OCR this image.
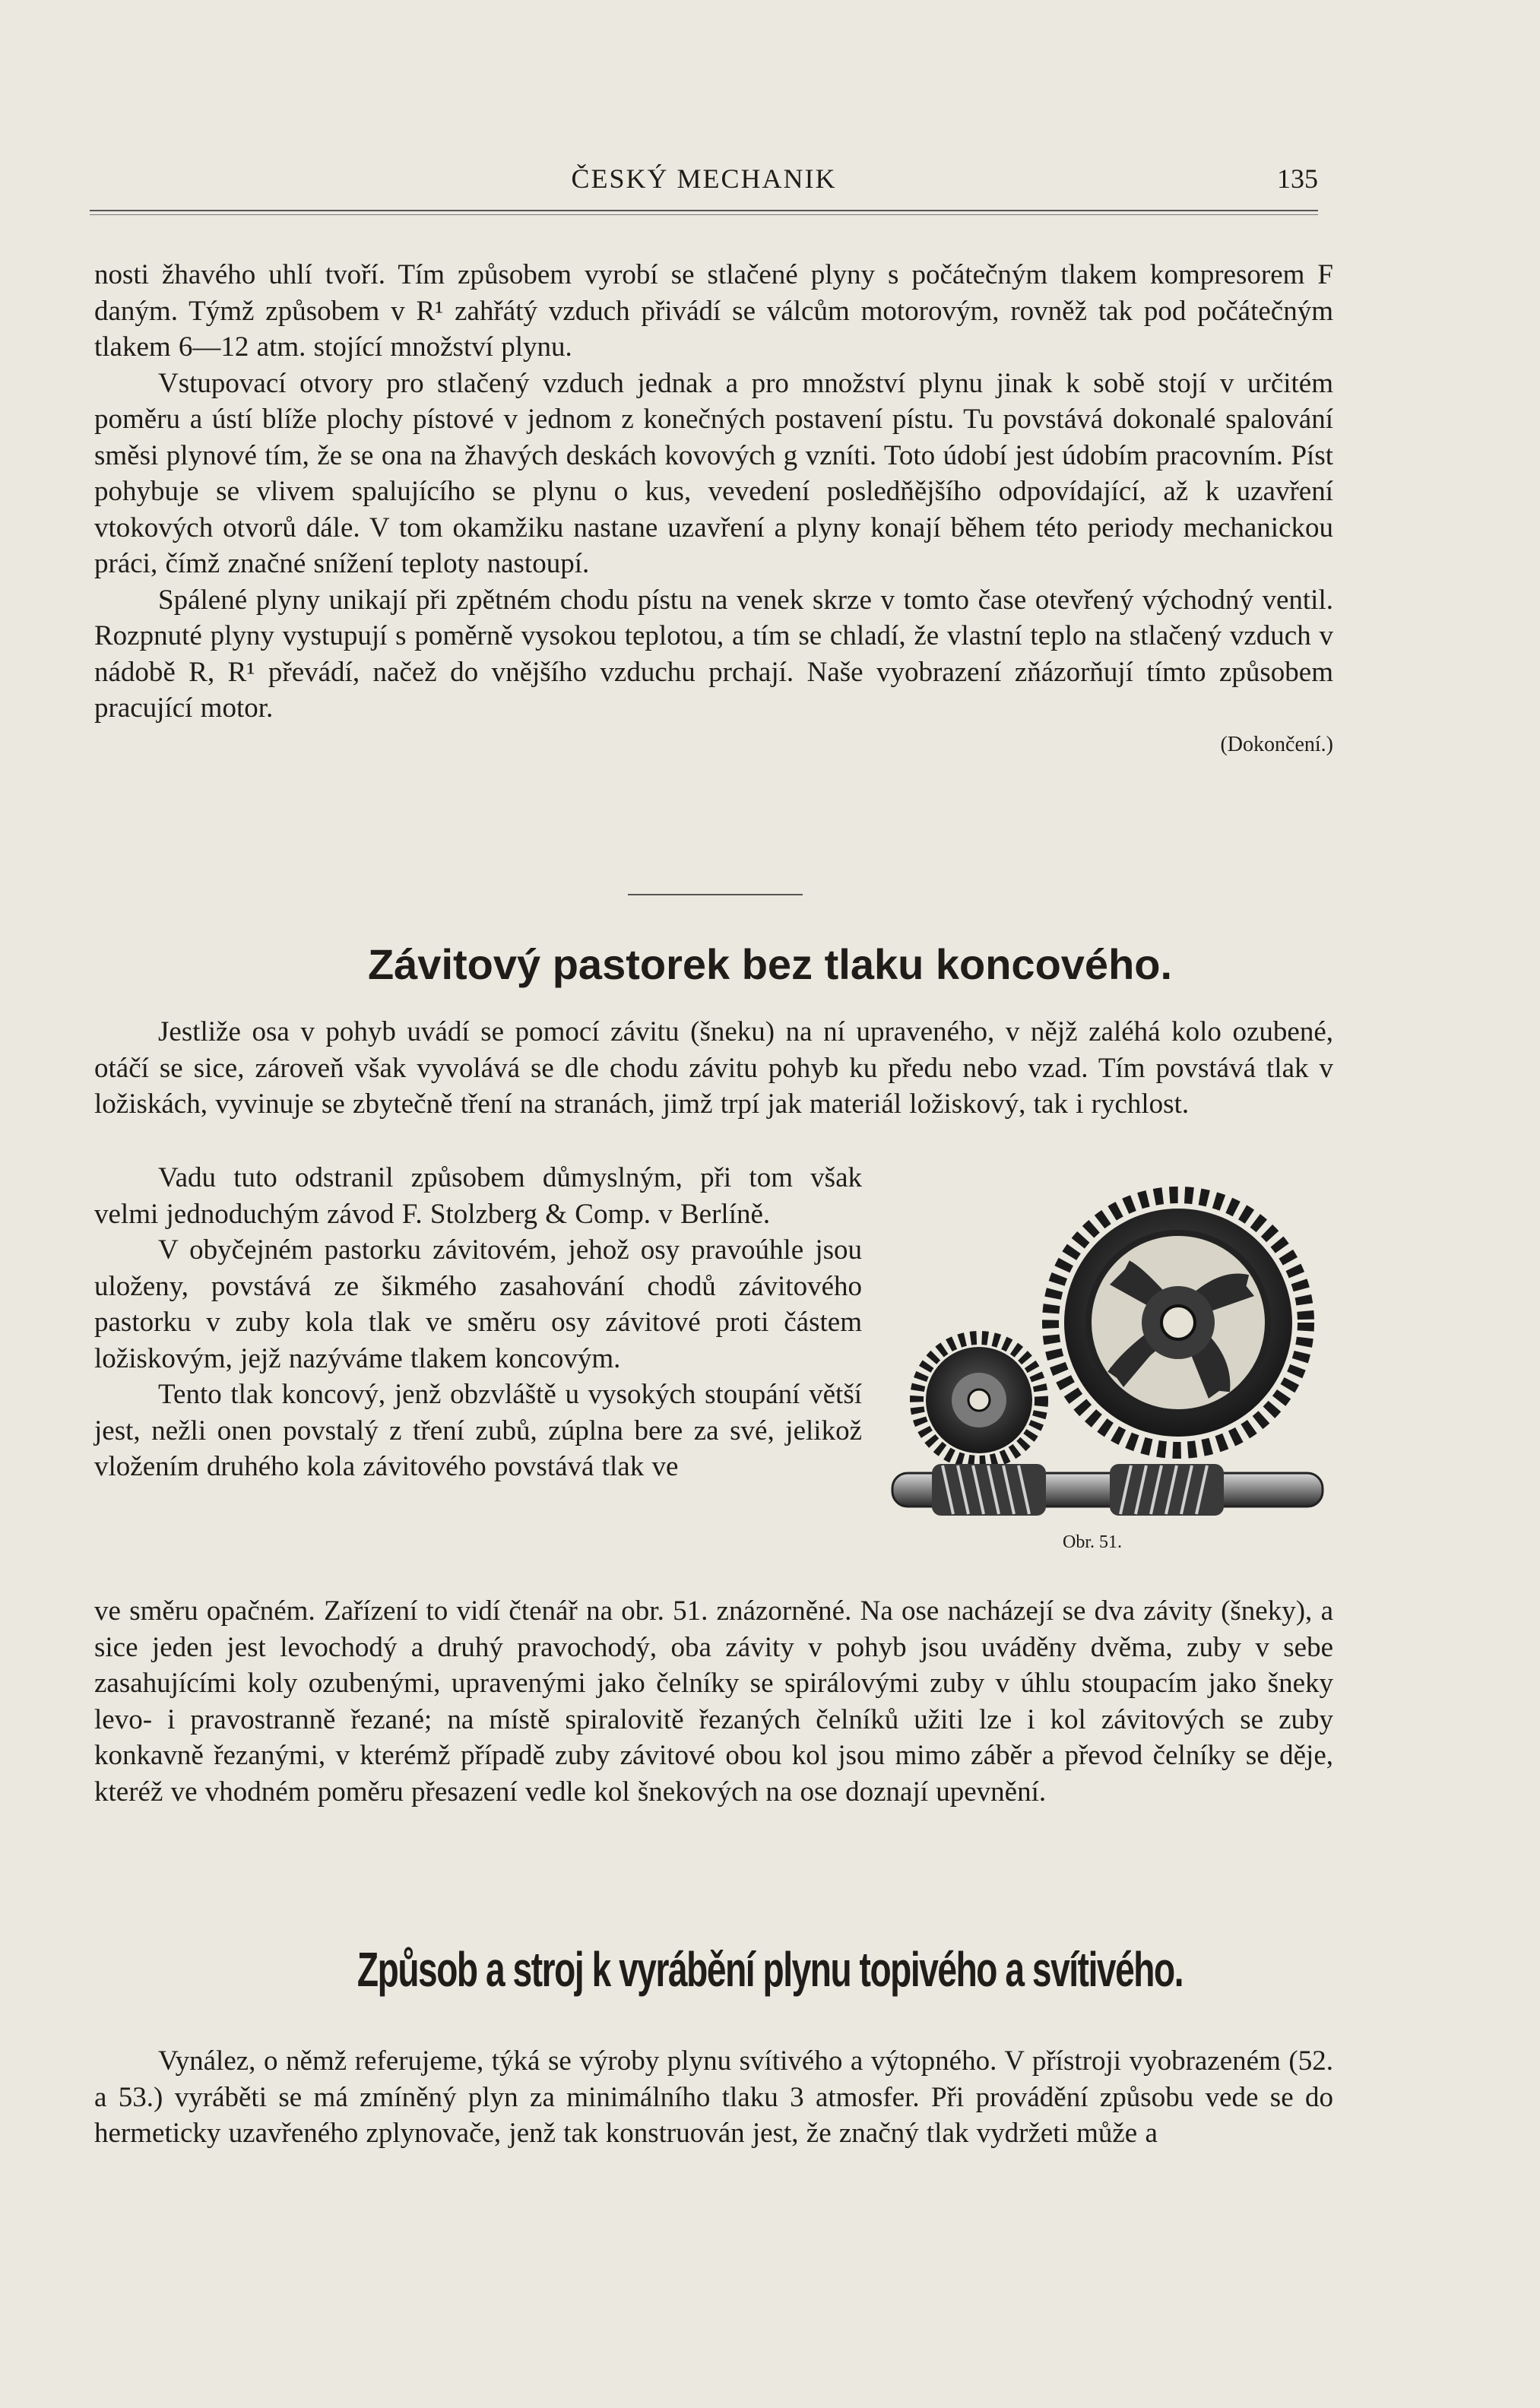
ČESKÝ MECHANIK	135

nosti žhavého uhlí tvoří. Tím způsobem vyrobí se stlačené plyny s počátečným tlakem kompresorem F daným. Týmž způsobem v R¹ zahřátý vzduch přivádí se válcům motorovým, rovněž tak pod počátečným tlakem 6—12 atm. stojící množství plynu.

Vstupovací otvory pro stlačený vzduch jednak a pro množství plynu jinak k sobě stojí v určitém poměru a ústí blíže plochy pístové v jednom z konečných postavení pístu. Tu povstává dokonalé spalování směsi plynové tím, že se ona na žhavých deskách kovových g vzníti. Toto údobí jest údobím pracovním. Píst pohybuje se vlivem spalujícího se plynu o kus, vevedení posledňějšího odpovídající, až k uzavření vtokových otvorů dále. V tom okamžiku nastane uzavření a plyny konají během této periody mechanickou práci, čímž značné snížení teploty nastoupí.

Spálené plyny unikají při zpětném chodu pístu na venek skrze v tomto čase otevřený východný ventil. Rozpnuté plyny vystupují s poměrně vysokou teplotou, a tím se chladí, že vlastní teplo na stlačený vzduch v nádobě R, R¹ převádí, načež do vnějšího vzduchu prchají. Naše vyobrazení zňázorňují tímto způsobem pracující motor.

(Dokončení.)

Závitový pastorek bez tlaku koncového.

Jestliže osa v pohyb uvádí se pomocí závitu (šneku) na ní upraveného, v nějž zaléhá kolo ozubené, otáčí se sice, zároveň však vyvolává se dle chodu závitu pohyb ku předu nebo vzad. Tím povstává tlak v ložiskách, vyvinuje se zbytečně tření na stranách, jimž trpí jak materiál ložiskový, tak i rychlost.

Vadu tuto odstranil způsobem důmyslným, při tom však velmi jednoduchým závod F. Stolzberg & Comp. v Berlíně.

V obyčejném pastorku závitovém, jehož osy pravoúhle jsou uloženy, povstává ze šikmého zasahování chodů závitového pastorku v zuby kola tlak ve směru osy závitové proti částem ložiskovým, jejž nazýváme tlakem koncovým.

Tento tlak koncový, jenž obzvláště u vysokých stoupání větší jest, nežli onen povstalý z tření zubů, zúplna bere za své, jelikož vložením druhého kola závitového povstává tlak ve

Obr. 51.

ve směru opačném. Zařízení to vidí čtenář na obr. 51. znázorněné. Na ose nacházejí se dva závity (šneky), a sice jeden jest levochodý a druhý pravochodý, oba závity v pohyb jsou uváděny dvěma, zuby v sebe zasahujícími koly ozubenými, upravenými jako čelníky se spirálovými zuby v úhlu stoupacím jako šneky levo- i pravostranně řezané; na místě spiralovitě řezaných čelníků užiti lze i kol závitových se zuby konkavně řezanými, v kterémž případě zuby závitové obou kol jsou mimo záběr a převod čelníky se děje, kteréž ve vhodném poměru přesazení vedle kol šnekových na ose doznají upevnění.

Způsob a stroj k vyrábění plynu topivého a svítivého.

Vynález, o němž referujeme, týká se výroby plynu svítivého a výtopného. V přístroji vyobrazeném (52. a 53.) vyráběti se má zmíněný plyn za minimálního tlaku 3 atmosfer. Při provádění způsobu vede se do hermeticky uzavřeného zplynovače, jenž tak konstruován jest, že značný tlak vydržeti může a
